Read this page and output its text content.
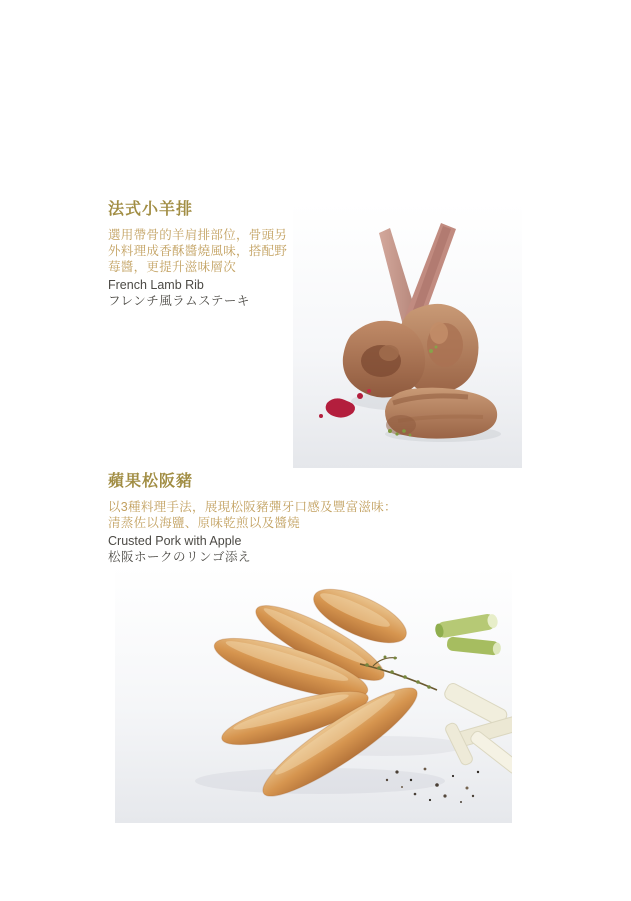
法式小羊排
選用帶骨的羊肩排部位，骨頭另
外料理成香酥醬燒風味，搭配野
莓醬，更提升滋味層次
French Lamb Rib
フレンチ風ラムステーキ
蘋果松阪豬
以3種料理手法，展現松阪豬彈牙口感及豐富滋味：
清蒸佐以海鹽、原味乾煎以及醬燒
Crusted Pork with Apple
松阪ホークのリンゴ添え
